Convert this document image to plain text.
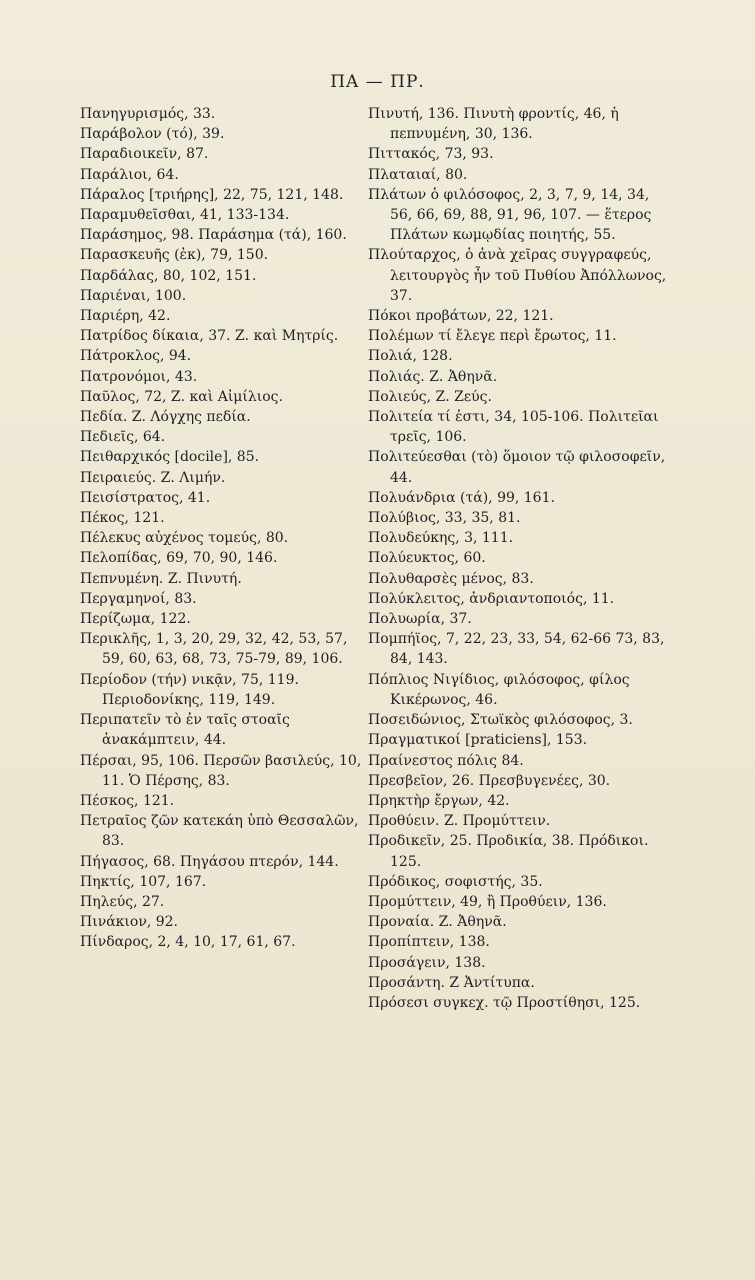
ΠΑ — ΠΡ.

Πανηγυρισμός, 33.

Παράβολον (τό), 39.

Παραδιοικεῖν, 87.

Παράλιοι, 64.

Πάραλος [τριήρης], 22, 75, 121, 148.

Παραμυθεῖσθαι, 41, 133-134.

Παράσημος, 98. Παράσημα (τά), 160.

Παρασκευῆς (ἐκ), 79, 150.

Παρδάλας, 80, 102, 151.

Παριέναι, 100.

Παριέρη, 42.

Πατρίδος δίκαια, 37. Ζ. καὶ Μητρίς.

Πάτροκλος, 94.

Πατρονόμοι, 43.

Παῦλος, 72, Ζ. καὶ Αἰμίλιος.

Πεδία. Ζ. Λόγχης πεδία.

Πεδιεῖς, 64.

Πειθαρχικός [docile], 85.

Πειραιεύς. Ζ. Λιμήν.

Πεισίστρατος, 41.

Πέκος, 121.

Πέλεκυς αὐχένος τομεύς, 80.

Πελοπίδας, 69, 70, 90, 146.

Πεπνυμένη. Ζ. Πινυτή.

Περγαμηνοί, 83.

Περίζωμα, 122.

Περικλῆς, 1, 3, 20, 29, 32, 42, 53, 57, 59, 60, 63, 68, 73, 75-79, 89, 106.

Περίοδον (τήν) νικᾷν, 75, 119. Περιοδονίκης, 119, 149.

Περιπατεῖν τὸ ἐν ταῖς στοαῖς ἀνακάμπτειν, 44.

Πέρσαι, 95, 106. Περσῶν βασιλεύς, 10, 11. Ὁ Πέρσης, 83.

Πέσκος, 121.

Πετραῖος ζῶν κατεκάη ὑπὸ Θεσσαλῶν, 83.

Πήγασος, 68. Πηγάσου πτερόν, 144.

Πηκτίς, 107, 167.

Πηλεύς, 27.

Πινάκιον, 92.

Πίνδαρος, 2, 4, 10, 17, 61, 67.

Πινυτή, 136. Πινυτὴ φροντίς, 46, ἡ πεπνυμένη, 30, 136.

Πιττακός, 73, 93.

Πλαταιαί, 80.

Πλάτων ὁ φιλόσοφος, 2, 3, 7, 9, 14, 34, 56, 66, 69, 88, 91, 96, 107. — ἕτερος Πλάτων κωμῳδίας ποιητής, 55.

Πλούταρχος, ὁ ἀνὰ χεῖρας συγγραφεύς, λειτουργὸς ἦν τοῦ Πυθίου Ἀπόλλωνος, 37.

Πόκοι προβάτων, 22, 121.

Πολέμων τί ἔλεγε περὶ ἔρωτος, 11.

Πολιά, 128.

Πολιάς. Ζ. Ἀθηνᾶ.

Πολιεύς, Ζ. Ζεύς.

Πολιτεία τί ἐστι, 34, 105-106. Πολιτεῖαι τρεῖς, 106.

Πολιτεύεσθαι (τὸ) ὅμοιον τῷ φιλοσοφεῖν, 44.

Πολυάνδρια (τά), 99, 161.

Πολύβιος, 33, 35, 81.

Πολυδεύκης, 3, 111.

Πολύευκτος, 60.

Πολυθαρσὲς μένος, 83.

Πολύκλειτος, ἀνδριαντοποιός, 11.

Πολυωρία, 37.

Πομπήϊος, 7, 22, 23, 33, 54, 62-66 73, 83, 84, 143.

Πόπλιος Νιγίδιος, φιλόσοφος, φίλος Κικέρωνος, 46.

Ποσειδώνιος, Στωϊκὸς φιλόσοφος, 3.

Πραγματικοί [praticiens], 153.

Πραίνεστος πόλις 84.

Πρεσβεῖον, 26. Πρεσβυγενέες, 30.

Πρηκτὴρ ἔργων, 42.

Προθύειν. Ζ. Προμύττειν.

Προδικεῖν, 25. Προδικία, 38. Πρόδικοι. 125.

Πρόδικος, σοφιστής, 35.

Προμύττειν, 49, ἢ Προθύειν, 136.

Προναία. Ζ. Ἀθηνᾶ.

Προπίπτειν, 138.

Προσάγειν, 138.

Προσάντη. Ζ Ἀντίτυπα.

Πρόσεσι συγκεχ. τῷ Προστίθησι, 125.
